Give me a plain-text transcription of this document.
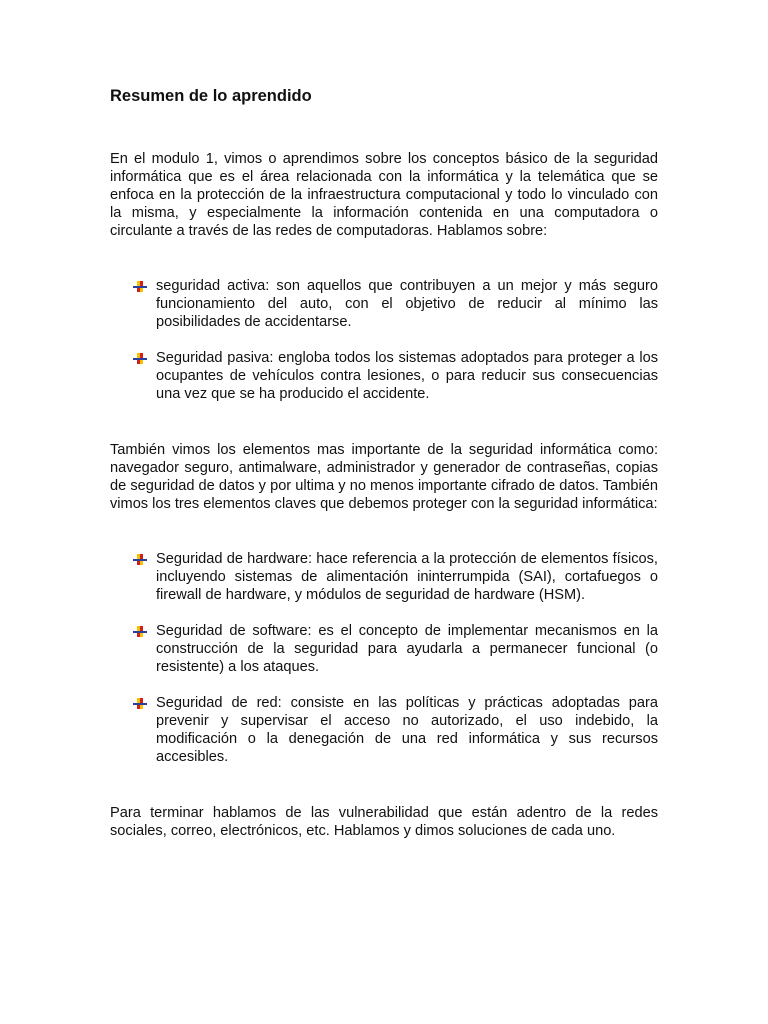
Resumen de lo aprendido

En el modulo 1, vimos o aprendimos sobre los conceptos básico de la seguridad informática que es el área relacionada con la informática y la telemática que se enfoca en la protección de la infraestructura computacional y todo lo vinculado con la misma, y especialmente la información contenida en una computadora o circulante a través de las redes de computadoras. Hablamos sobre:

seguridad activa: son aquellos que contribuyen a un mejor y más seguro funcionamiento del auto, con el objetivo de reducir al mínimo las posibilidades de accidentarse.
Seguridad pasiva: engloba todos los sistemas adoptados para proteger a los ocupantes de vehículos contra lesiones, o para reducir sus consecuencias una vez que se ha producido el accidente.

También vimos los elementos mas importante de la seguridad informática como: navegador seguro, antimalware, administrador y generador de contraseñas, copias de seguridad de datos y por ultima y no menos importante cifrado de datos. También vimos los tres elementos claves que debemos proteger con la seguridad informática:

Seguridad de hardware: hace referencia a la protección de elementos físicos, incluyendo sistemas de alimentación ininterrumpida (SAI), cortafuegos o firewall de hardware, y módulos de seguridad de hardware (HSM).
Seguridad de software: es el concepto de implementar mecanismos en la construcción de la seguridad para ayudarla a permanecer funcional (o resistente) a los ataques.
Seguridad de red: consiste en las políticas y prácticas adoptadas para prevenir y supervisar el acceso no autorizado, el uso indebido, la modificación o la denegación de una red informática y sus recursos accesibles.

Para terminar hablamos de las vulnerabilidad que están adentro de la redes sociales, correo, electrónicos, etc. Hablamos y dimos soluciones de cada uno.
